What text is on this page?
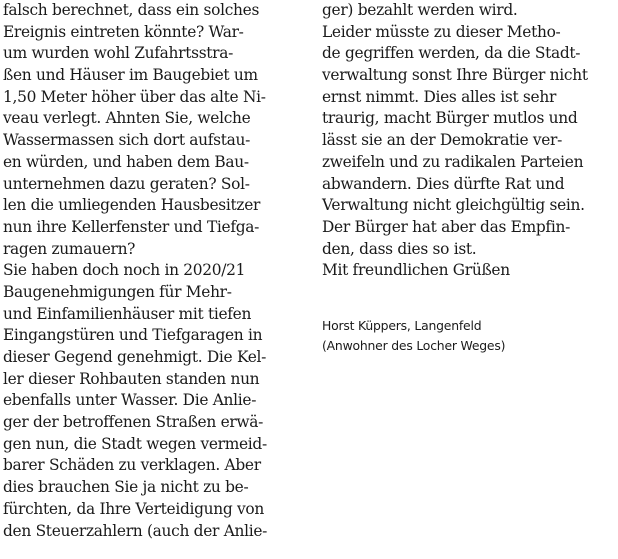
falsch berechnet, dass ein solches
Ereignis eintreten könnte? War-
um wurden wohl Zufahrtsstra-
ßen und Häuser im Baugebiet um
1,50 Meter höher über das alte Ni-
veau verlegt. Ahnten Sie, welche
Wassermassen sich dort aufstau-
en würden, und haben dem Bau-
unternehmen dazu geraten? Sol-
len die umliegenden Hausbesitzer
nun ihre Kellerfenster und Tiefga-
ragen zumauern?
Sie haben doch noch in 2020/21
Baugenehmigungen für Mehr-
und Einfamilienhäuser mit tiefen
Eingangstüren und Tiefgaragen in
dieser Gegend genehmigt. Die Kel-
ler dieser Rohbauten standen nun
ebenfalls unter Wasser. Die Anlie-
ger der betroffenen Straßen erwä-
gen nun, die Stadt wegen vermeid-
barer Schäden zu verklagen. Aber
dies brauchen Sie ja nicht zu be-
fürchten, da Ihre Verteidigung von
den Steuerzahlern (auch der Anlie-
ger) bezahlt werden wird.
Leider müsste zu dieser Metho-
de gegriffen werden, da die Stadt-
verwaltung sonst Ihre Bürger nicht
ernst nimmt. Dies alles ist sehr
traurig, macht Bürger mutlos und
lässt sie an der Demokratie ver-
zweifeln und zu radikalen Parteien
abwandern. Dies dürfte Rat und
Verwaltung nicht gleichgültig sein.
Der Bürger hat aber das Empfin-
den, dass dies so ist.
Mit freundlichen Grüßen
Horst Küppers, Langenfeld
(Anwohner des Locher Weges)
